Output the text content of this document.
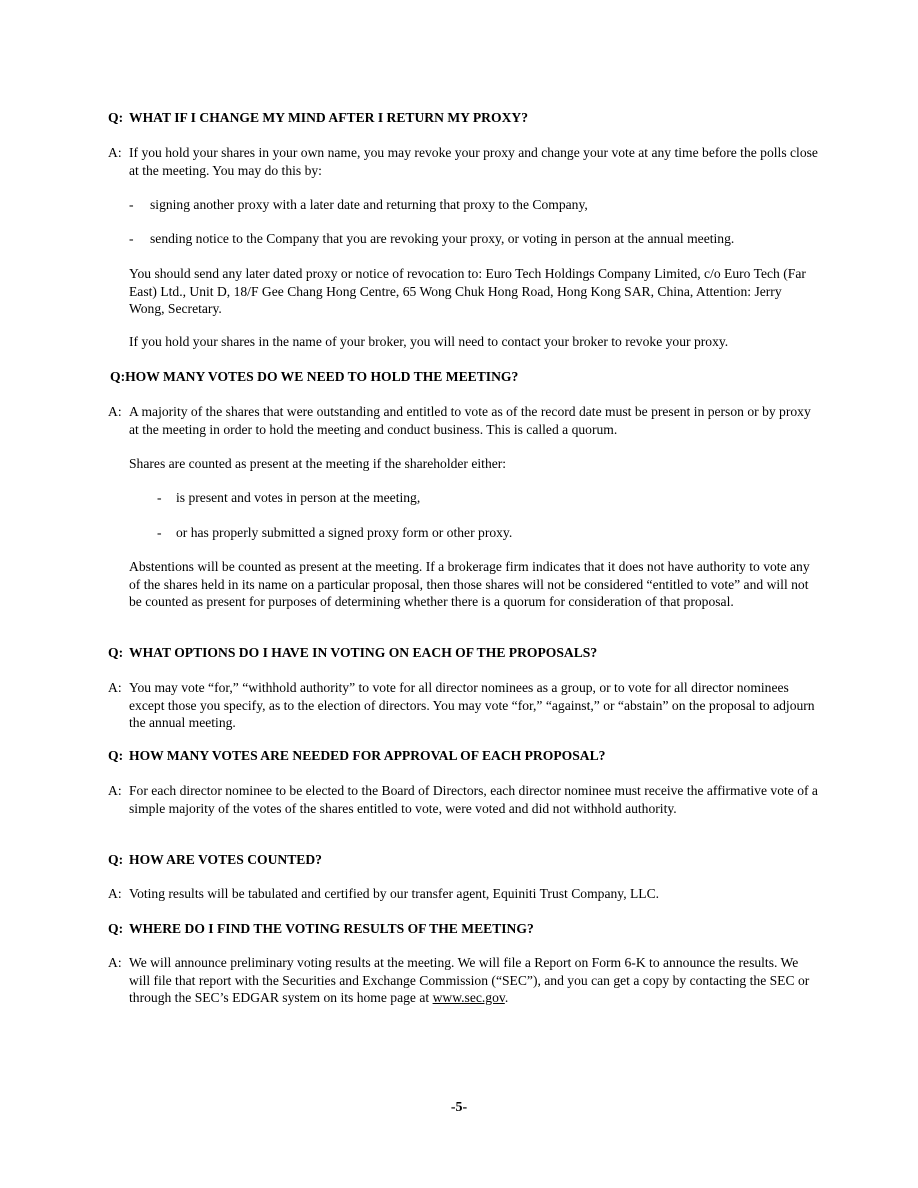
Q: WHAT IF I CHANGE MY MIND AFTER I RETURN MY PROXY?

A: If you hold your shares in your own name, you may revoke your proxy and change your vote at any time before the polls close at the meeting. You may do this by:

- signing another proxy with a later date and returning that proxy to the Company,

- sending notice to the Company that you are revoking your proxy, or voting in person at the annual meeting.

You should send any later dated proxy or notice of revocation to: Euro Tech Holdings Company Limited, c/o Euro Tech (Far East) Ltd., Unit D, 18/F Gee Chang Hong Centre, 65 Wong Chuk Hong Road, Hong Kong SAR, China, Attention: Jerry Wong, Secretary.

If you hold your shares in the name of your broker, you will need to contact your broker to revoke your proxy.

Q:HOW MANY VOTES DO WE NEED TO HOLD THE MEETING?

A: A majority of the shares that were outstanding and entitled to vote as of the record date must be present in person or by proxy at the meeting in order to hold the meeting and conduct business. This is called a quorum.

Shares are counted as present at the meeting if the shareholder either:

- is present and votes in person at the meeting,

- or has properly submitted a signed proxy form or other proxy.

Abstentions will be counted as present at the meeting. If a brokerage firm indicates that it does not have authority to vote any of the shares held in its name on a particular proposal, then those shares will not be considered “entitled to vote” and will not be counted as present for purposes of determining whether there is a quorum for consideration of that proposal.

Q: WHAT OPTIONS DO I HAVE IN VOTING ON EACH OF THE PROPOSALS?

A: You may vote “for,” “withhold authority” to vote for all director nominees as a group, or to vote for all director nominees except those you specify, as to the election of directors. You may vote “for,” “against,” or “abstain” on the proposal to adjourn the annual meeting.

Q: HOW MANY VOTES ARE NEEDED FOR APPROVAL OF EACH PROPOSAL?

A: For each director nominee to be elected to the Board of Directors, each director nominee must receive the affirmative vote of a simple majority of the votes of the shares entitled to vote, were voted and did not withhold authority.

Q: HOW ARE VOTES COUNTED?

A: Voting results will be tabulated and certified by our transfer agent, Equiniti Trust Company, LLC.

Q: WHERE DO I FIND THE VOTING RESULTS OF THE MEETING?

A: We will announce preliminary voting results at the meeting. We will file a Report on Form 6-K to announce the results. We will file that report with the Securities and Exchange Commission (“SEC”), and you can get a copy by contacting the SEC or through the SEC’s EDGAR system on its home page at www.sec.gov.

-5-
